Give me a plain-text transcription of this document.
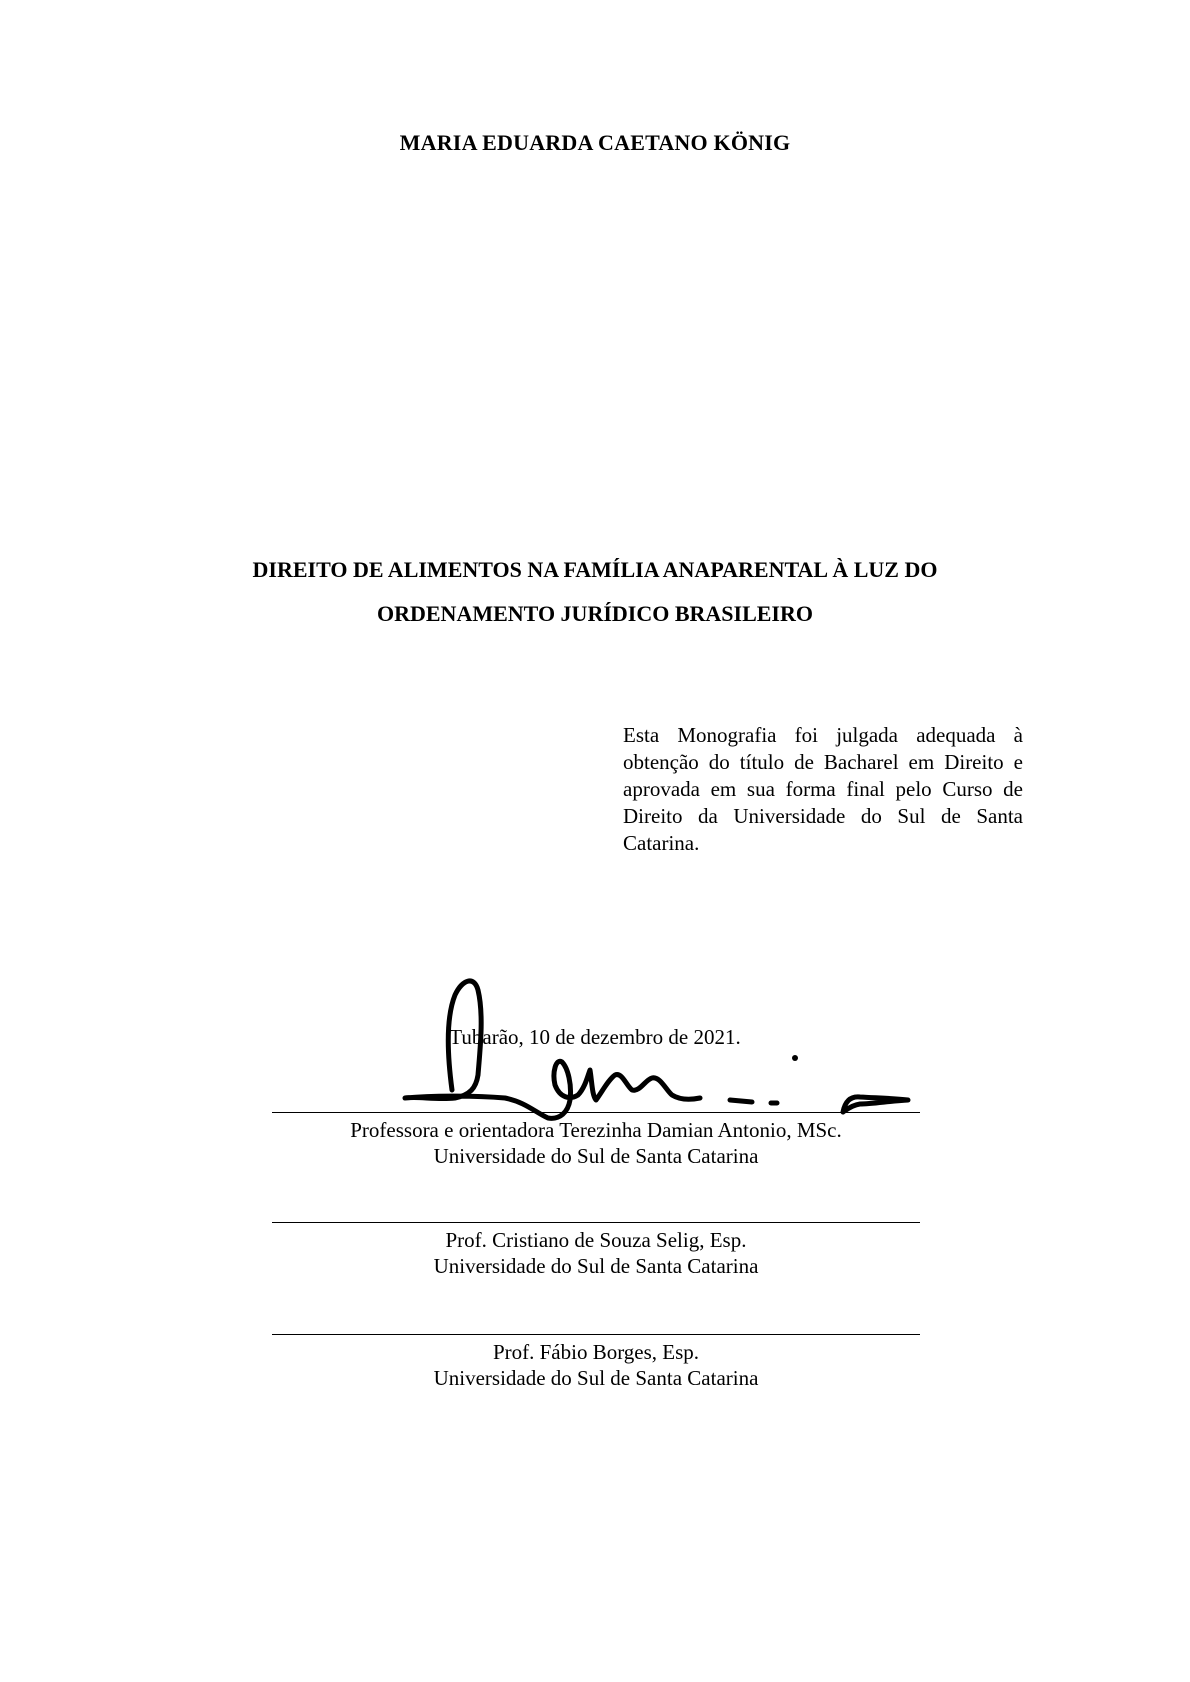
MARIA EDUARDA CAETANO KÖNIG
DIREITO DE ALIMENTOS NA FAMÍLIA ANAPARENTAL À LUZ DO
ORDENAMENTO JURÍDICO BRASILEIRO
Esta Monografia foi julgada adequada à obtenção do título de Bacharel em Direito e aprovada em sua forma final pelo Curso de Direito da Universidade do Sul de Santa Catarina.
Tubarão, 10 de dezembro de 2021.
Professora e orientadora Terezinha Damian Antonio, MSc.
Universidade do Sul de Santa Catarina
Prof. Cristiano de Souza Selig, Esp.
Universidade do Sul de Santa Catarina
Prof. Fábio Borges, Esp.
Universidade do Sul de Santa Catarina
